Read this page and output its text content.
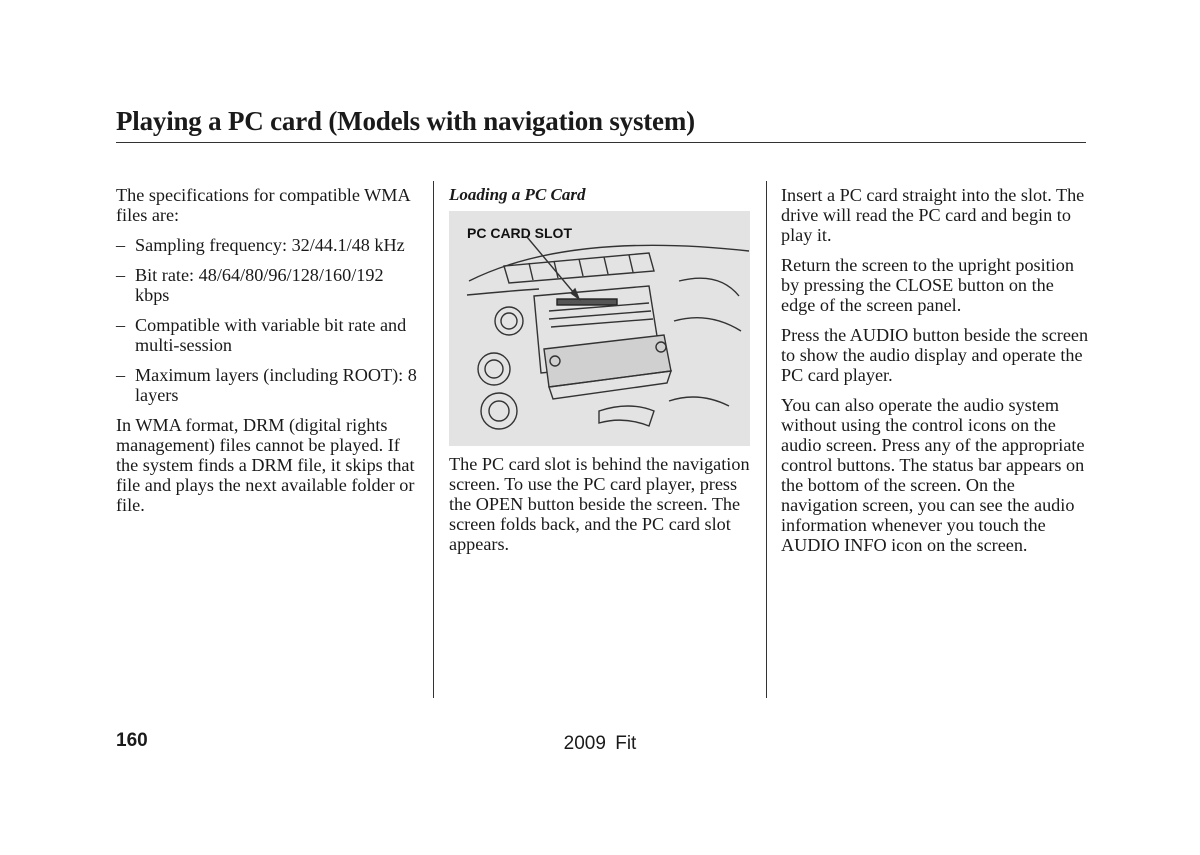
Playing a PC card (Models with navigation system)

The specifications for compatible WMA files are:

– Sampling frequency: 32/44.1/48 kHz
– Bit rate: 48/64/80/96/128/160/192 kbps
– Compatible with variable bit rate and multi-session
– Maximum layers (including ROOT): 8 layers

In WMA format, DRM (digital rights management) files cannot be played. If the system finds a DRM file, it skips that file and plays the next available folder or file.

Loading a PC Card
PC CARD SLOT

The PC card slot is behind the navigation screen. To use the PC card player, press the OPEN button beside the screen. The screen folds back, and the PC card slot appears.

Insert a PC card straight into the slot. The drive will read the PC card and begin to play it.

Return the screen to the upright position by pressing the CLOSE button on the edge of the screen panel.

Press the AUDIO button beside the screen to show the audio display and operate the PC card player.

You can also operate the audio system without using the control icons on the audio screen. Press any of the appropriate control buttons. The status bar appears on the bottom of the screen. On the navigation screen, you can see the audio information whenever you touch the AUDIO INFO icon on the screen.

160	2009 Fit
